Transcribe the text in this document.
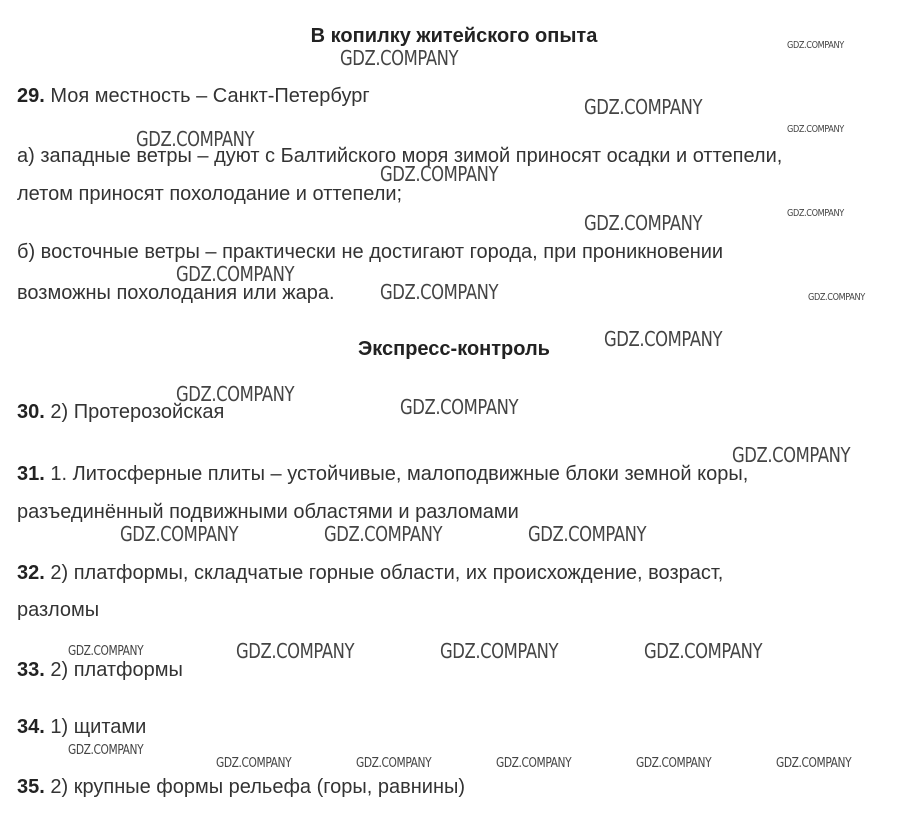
В копилку житейского опыта
Экспресс-контроль
29. Моя местность – Санкт-Петербург
а) западные ветры – дуют с Балтийского моря зимой приносят осадки и оттепели,
летом приносят похолодание и оттепели;
б) восточные ветры – практически не достигают города, при проникновении
возможны похолодания или жара.
30. 2) Протерозойская
31. 1. Литосферные плиты – устойчивые, малоподвижные блоки земной коры,
разъединённый подвижными областями и разломами
32. 2) платформы, складчатые горные области, их происхождение, возраст,
разломы
33. 2) платформы
34. 1) щитами
35. 2) крупные формы рельефа (горы, равнины)
GDZ.COMPANY
GDZ.COMPANY
GDZ.COMPANY
GDZ.COMPANY	GDZ.COMPANY
GDZ.COMPANY
GDZ.COMPANY	GDZ.COMPANY
GDZ.COMPANY
GDZ.COMPANY	GDZ.COMPANY
GDZ.COMPANY
GDZ.COMPANY
GDZ.COMPANY
GDZ.COMPANY
GDZ.COMPANY	GDZ.COMPANY	GDZ.COMPANY
GDZ.COMPANY	GDZ.COMPANY	GDZ.COMPANY	GDZ.COMPANY
GDZ.COMPANY
GDZ.COMPANY	GDZ.COMPANY	GDZ.COMPANY	GDZ.COMPANY	GDZ.COMPANY
